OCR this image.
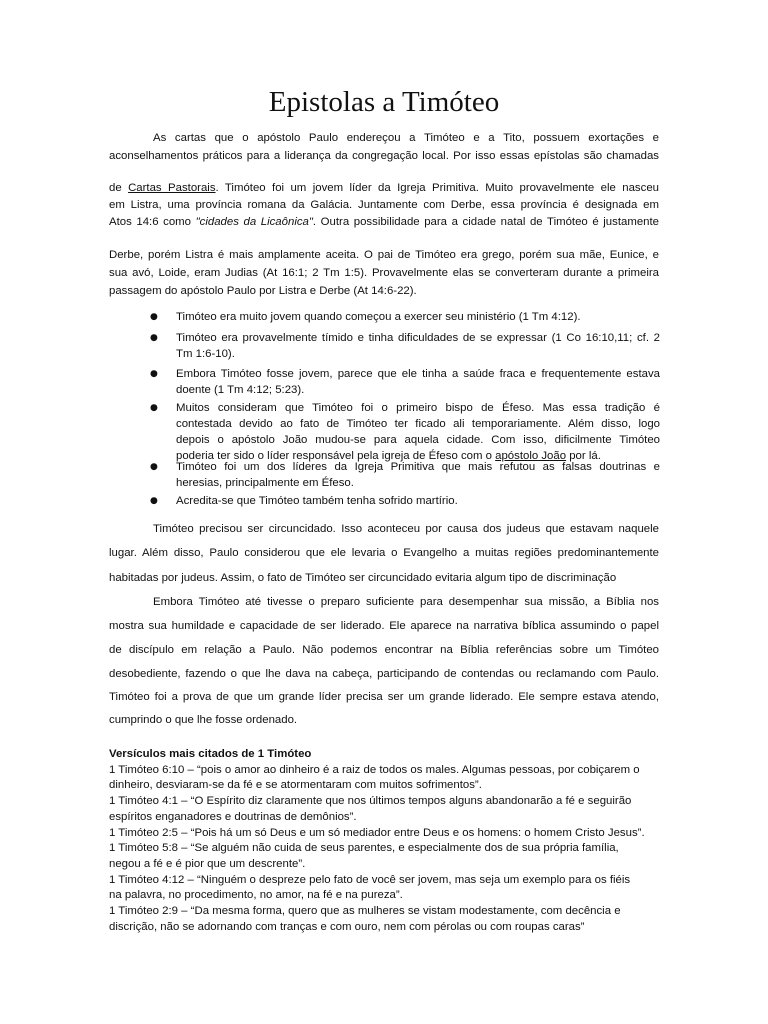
Epistolas a Timóteo
As cartas que o apóstolo Paulo endereçou a Timóteo e a Tito, possuem exortações e
aconselhamentos práticos para a liderança da congregação local. Por isso essas epístolas são chamadas
de Cartas Pastorais. Timóteo foi um jovem líder da Igreja Primitiva. Muito provavelmente ele nasceu
em Listra, uma província romana da Galácia. Juntamente com Derbe, essa província é designada em
Atos 14:6 como "cidades da Licaônica". Outra possibilidade para a cidade natal de Timóteo é justamente
Derbe, porém Listra é mais amplamente aceita. O pai de Timóteo era grego, porém sua mãe, Eunice, e
sua avó, Loide, eram Judias (At 16:1; 2 Tm 1:5). Provavelmente elas se converteram durante a primeira
passagem do apóstolo Paulo por Listra e Derbe (At 14:6-22).
● Timóteo era muito jovem quando começou a exercer seu ministério (1 Tm 4:12).
● Timóteo era provavelmente tímido e tinha dificuldades de se expressar (1 Co 16:10,11; cf. 2
Tm 1:6-10).
● Embora Timóteo fosse jovem, parece que ele tinha a saúde fraca e frequentemente estava
doente (1 Tm 4:12; 5:23).
● Muitos consideram que Timóteo foi o primeiro bispo de Éfeso. Mas essa tradição é
contestada devido ao fato de Timóteo ter ficado ali temporariamente. Além disso, logo
depois o apóstolo João mudou-se para aquela cidade. Com isso, dificilmente Timóteo
poderia ter sido o líder responsável pela igreja de Éfeso com o apóstolo João por lá.
● Timóteo foi um dos líderes da Igreja Primitiva que mais refutou as falsas doutrinas e
heresias, principalmente em Éfeso.
● Acredita-se que Timóteo também tenha sofrido martírio.
Timóteo precisou ser circuncidado. Isso aconteceu por causa dos judeus que estavam naquele
lugar. Além disso, Paulo considerou que ele levaria o Evangelho a muitas regiões predominantemente
habitadas por judeus. Assim, o fato de Timóteo ser circuncidado evitaria algum tipo de discriminação
Embora Timóteo até tivesse o preparo suficiente para desempenhar sua missão, a Bíblia nos
mostra sua humildade e capacidade de ser liderado. Ele aparece na narrativa bíblica assumindo o papel
de discípulo em relação a Paulo. Não podemos encontrar na Bíblia referências sobre um Timóteo
desobediente, fazendo o que lhe dava na cabeça, participando de contendas ou reclamando com Paulo.
Timóteo foi a prova de que um grande líder precisa ser um grande liderado. Ele sempre estava atendo,
cumprindo o que lhe fosse ordenado.
Versículos mais citados de 1 Timóteo
1 Timóteo 6:10 – “pois o amor ao dinheiro é a raiz de todos os males. Algumas pessoas, por cobiçarem o
dinheiro, desviaram-se da fé e se atormentaram com muitos sofrimentos”.
1 Timóteo 4:1 – “O Espírito diz claramente que nos últimos tempos alguns abandonarão a fé e seguirão
espíritos enganadores e doutrinas de demônios”.
1 Timóteo 2:5 – “Pois há um só Deus e um só mediador entre Deus e os homens: o homem Cristo Jesus”.
1 Timóteo 5:8 – “Se alguém não cuida de seus parentes, e especialmente dos de sua própria família,
negou a fé e é pior que um descrente”.
1 Timóteo 4:12 – “Ninguém o despreze pelo fato de você ser jovem, mas seja um exemplo para os fiéis
na palavra, no procedimento, no amor, na fé e na pureza”.
1 Timóteo 2:9 – “Da mesma forma, quero que as mulheres se vistam modestamente, com decência e
discrição, não se adornando com tranças e com ouro, nem com pérolas ou com roupas caras”
